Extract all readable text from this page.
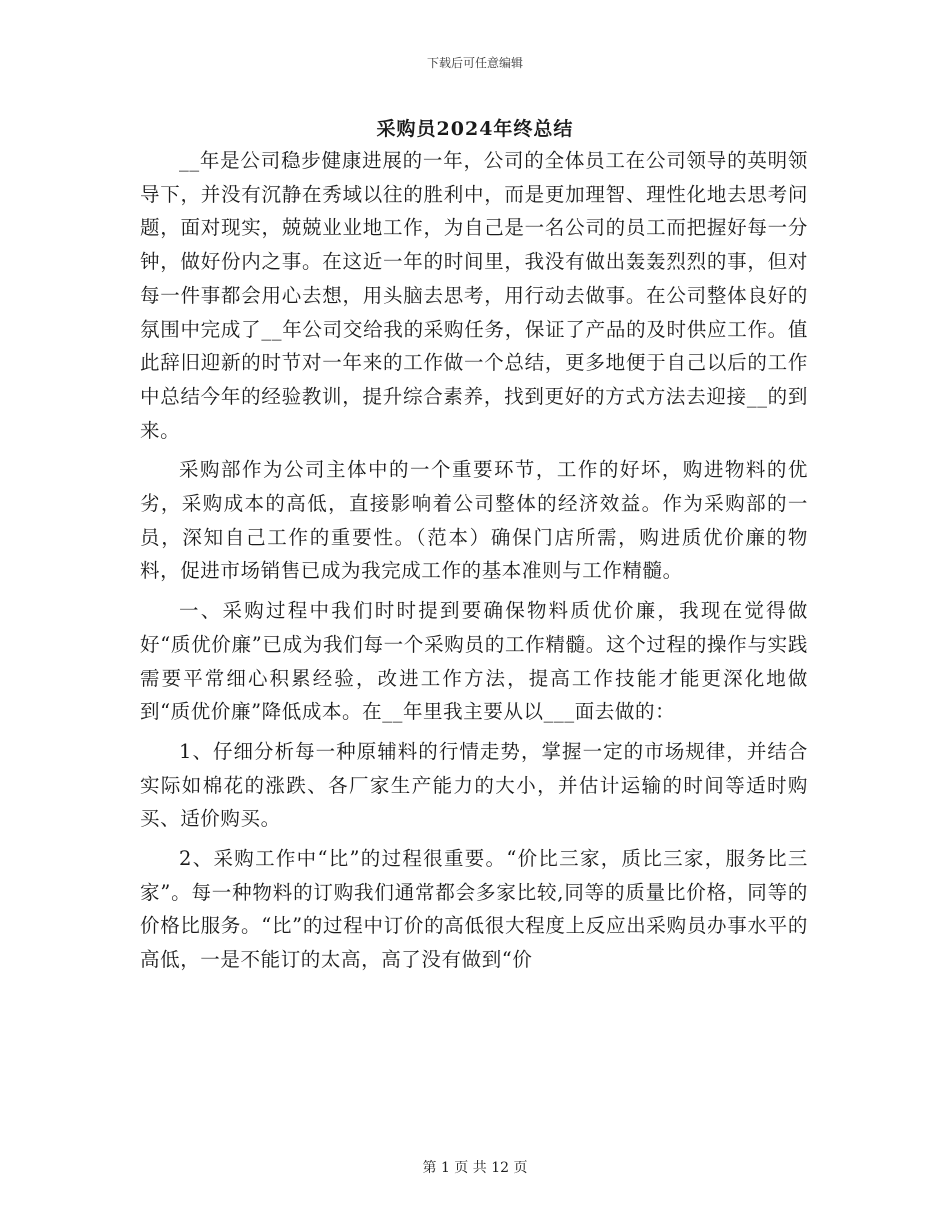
下载后可任意编辑
采购员2024年终总结

__年是公司稳步健康进展的一年，公司的全体员工在公司领导的英明领导下，并没有沉静在秀域以往的胜利中，而是更加理智、理性化地去思考问题，面对现实，兢兢业业地工作，为自己是一名公司的员工而把握好每一分钟，做好份内之事。在这近一年的时间里，我没有做出轰轰烈烈的事，但对每一件事都会用心去想，用头脑去思考，用行动去做事。在公司整体良好的氛围中完成了__年公司交给我的采购任务，保证了产品的及时供应工作。值此辞旧迎新的时节对一年来的工作做一个总结，更多地便于自己以后的工作中总结今年的经验教训，提升综合素养，找到更好的方式方法去迎接__的到来。

采购部作为公司主体中的一个重要环节，工作的好坏，购进物料的优劣，采购成本的高低，直接影响着公司整体的经济效益。作为采购部的一员，深知自己工作的重要性。（范本）确保门店所需，购进质优价廉的物料，促进市场销售已成为我完成工作的基本准则与工作精髓。

一、采购过程中我们时时提到要确保物料质优价廉，我现在觉得做好“质优价廉”已成为我们每一个采购员的工作精髓。这个过程的操作与实践需要平常细心积累经验，改进工作方法，提高工作技能才能更深化地做到“质优价廉”降低成本。在__年里我主要从以___面去做的：

1、仔细分析每一种原辅料的行情走势，掌握一定的市场规律，并结合实际如棉花的涨跌、各厂家生产能力的大小，并估计运输的时间等适时购买、适价购买。

2、采购工作中“比”的过程很重要。“价比三家，质比三家，服务比三家”。每一种物料的订购我们通常都会多家比较,同等的质量比价格，同等的价格比服务。“比”的过程中订价的高低很大程度上反应出采购员办事水平的高低，一是不能订的太高，高了没有做到“价

第 1 页 共 12 页
